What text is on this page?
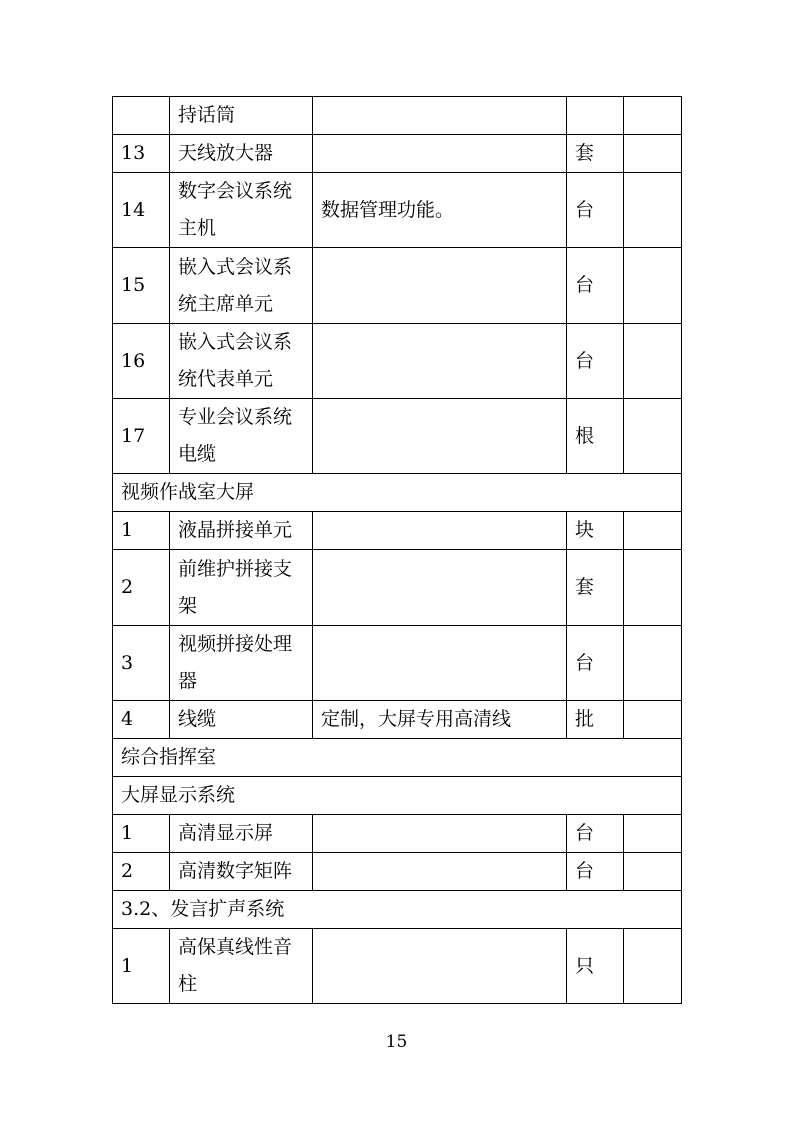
	持话筒			
13	天线放大器		套	
14	数字会议系统主机	数据管理功能。	台	
15	嵌入式会议系统主席单元		台	
16	嵌入式会议系统代表单元		台	
17	专业会议系统电缆		根	
视频作战室大屏				
1	液晶拼接单元		块	
2	前维护拼接支架		套	
3	视频拼接处理器		台	
4	线缆	定制，大屏专用高清线	批	
综合指挥室				
大屏显示系统				
1	高清显示屏		台	
2	高清数字矩阵		台	
3.2、发言扩声系统				
1	高保真线性音柱		只	
15
